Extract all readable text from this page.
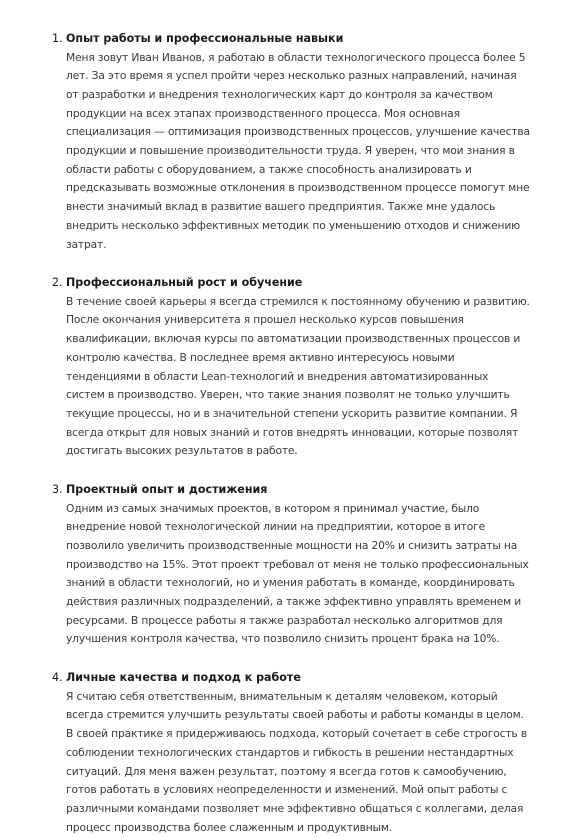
1. Опыт работы и профессиональные навыки
Меня зовут Иван Иванов, я работаю в области технологического процесса более 5 лет. За это время я успел пройти через несколько разных направлений, начиная от разработки и внедрения технологических карт до контроля за качеством продукции на всех этапах производственного процесса. Моя основная специализация — оптимизация производственных процессов, улучшение качества продукции и повышение производительности труда. Я уверен, что мои знания в области работы с оборудованием, а также способность анализировать и предсказывать возможные отклонения в производственном процессе помогут мне внести значимый вклад в развитие вашего предприятия. Также мне удалось внедрить несколько эффективных методик по уменьшению отходов и снижению затрат.
2. Профессиональный рост и обучение
В течение своей карьеры я всегда стремился к постоянному обучению и развитию. После окончания университета я прошел несколько курсов повышения квалификации, включая курсы по автоматизации производственных процессов и контролю качества. В последнее время активно интересуюсь новыми тенденциями в области Lean-технологий и внедрения автоматизированных систем в производство. Уверен, что такие знания позволят не только улучшить текущие процессы, но и в значительной степени ускорить развитие компании. Я всегда открыт для новых знаний и готов внедрять инновации, которые позволят достигать высоких результатов в работе.
3. Проектный опыт и достижения
Одним из самых значимых проектов, в котором я принимал участие, было внедрение новой технологической линии на предприятии, которое в итоге позволило увеличить производственные мощности на 20% и снизить затраты на производство на 15%. Этот проект требовал от меня не только профессиональных знаний в области технологий, но и умения работать в команде, координировать действия различных подразделений, а также эффективно управлять временем и ресурсами. В процессе работы я также разработал несколько алгоритмов для улучшения контроля качества, что позволило снизить процент брака на 10%.
4. Личные качества и подход к работе
Я считаю себя ответственным, внимательным к деталям человеком, который всегда стремится улучшить результаты своей работы и работы команды в целом. В своей практике я придерживаюсь подхода, который сочетает в себе строгость в соблюдении технологических стандартов и гибкость в решении нестандартных ситуаций. Для меня важен результат, поэтому я всегда готов к самообучению, готов работать в условиях неопределенности и изменений. Мой опыт работы с различными командами позволяет мне эффективно общаться с коллегами, делая процесс производства более слаженным и продуктивным.
